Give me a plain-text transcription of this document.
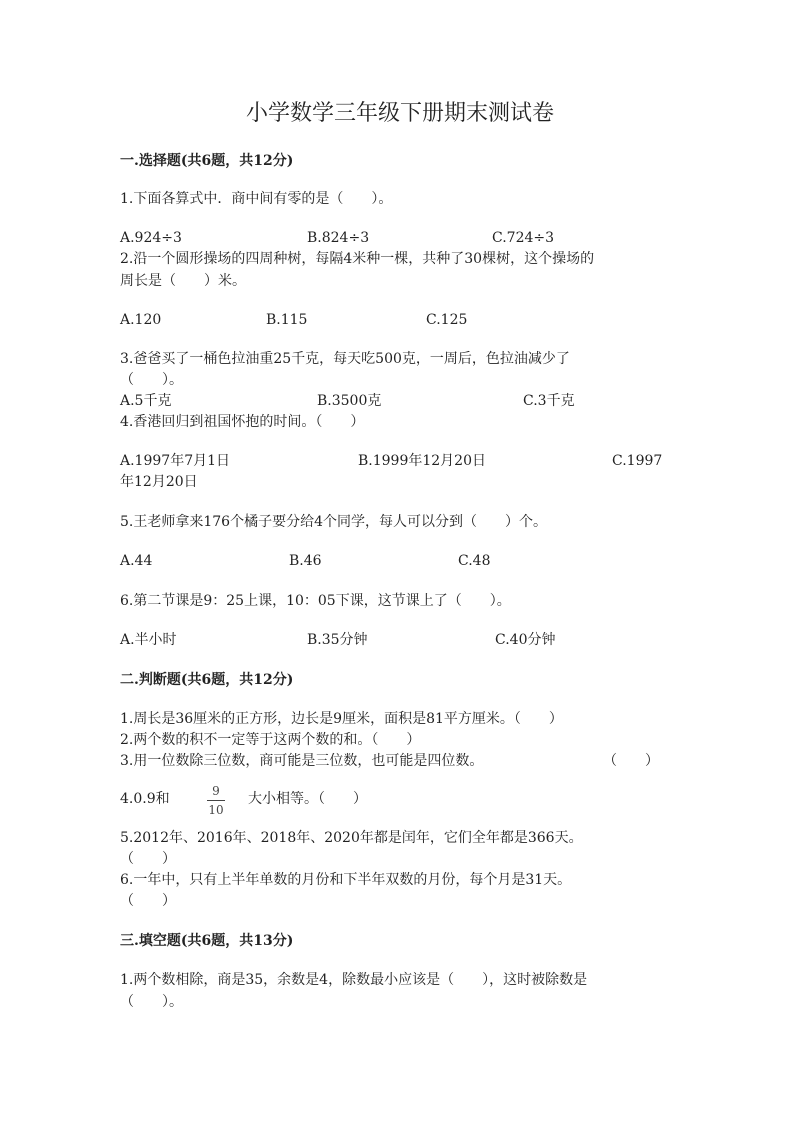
小学数学三年级下册期末测试卷
一.选择题(共6题，共12分)
1.下面各算式中．商中间有零的是（　　）。
A.924÷3	B.824÷3	C.724÷3
2.沿一个圆形操场的四周种树，每隔4米种一棵，共种了30棵树，这个操场的
周长是（　　）米。
A.120	B.115	C.125
3.爸爸买了一桶色拉油重25千克，每天吃500克，一周后，色拉油减少了
（　　）。
A.5千克	B.3500克	C.3千克
4.香港回归到祖国怀抱的时间。（　　）
A.1997年7月1日	B.1999年12月20日	C.1997
年12月20日
5.王老师拿来176个橘子要分给4个同学，每人可以分到（　　）个。
A.44	B.46	C.48
6.第二节课是9：25上课，10：05下课，这节课上了（　　）。
A.半小时	B.35分钟	C.40分钟
二.判断题(共6题，共12分)
1.周长是36厘米的正方形，边长是9厘米，面积是81平方厘米。（　　）
2.两个数的积不一定等于这两个数的和。（　　）
3.用一位数除三位数，商可能是三位数，也可能是四位数。	（　　）
4.0.9和	9
10
大小相等。（　　）
5.2012年、2016年、2018年、2020年都是闰年，它们全年都是366天。
（　　）
6.一年中，只有上半年单数的月份和下半年双数的月份，每个月是31天。
（　　）
三.填空题(共6题，共13分)
1.两个数相除，商是35，余数是4，除数最小应该是（　　），这时被除数是
（　　）。
